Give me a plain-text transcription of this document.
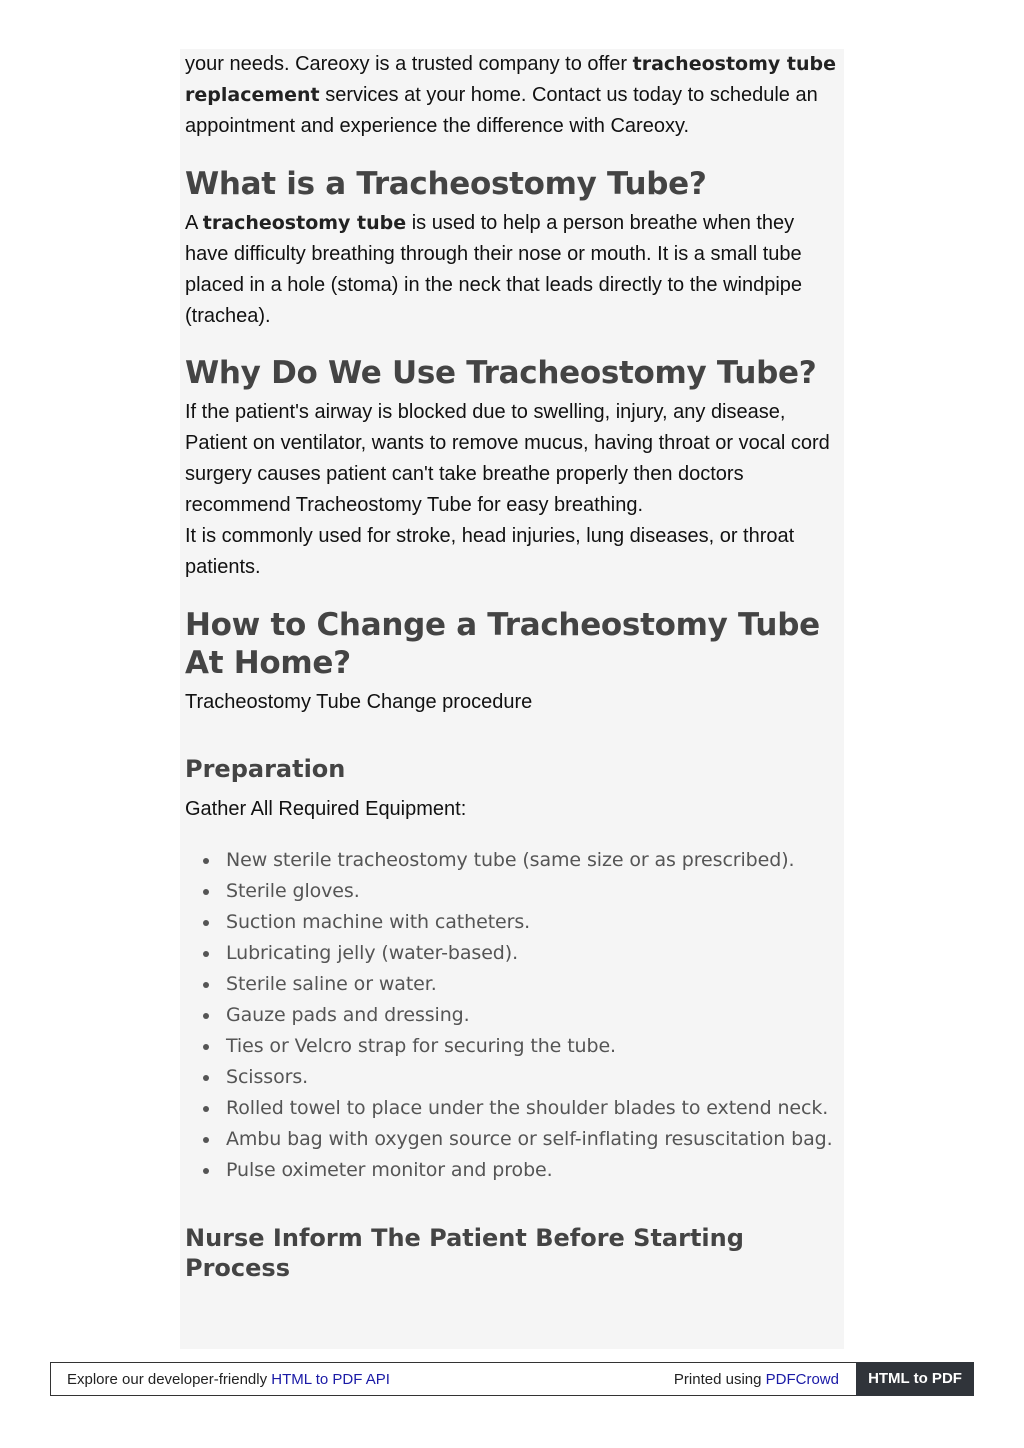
your needs. Careoxy is a trusted company to offer tracheostomy tube replacement services at your home. Contact us today to schedule an appointment and experience the difference with Careoxy.

What is a Tracheostomy Tube?

A tracheostomy tube is used to help a person breathe when they have difficulty breathing through their nose or mouth. It is a small tube placed in a hole (stoma) in the neck that leads directly to the windpipe (trachea).

Why Do We Use Tracheostomy Tube?

If the patient's airway is blocked due to swelling, injury, any disease, Patient on ventilator, wants to remove mucus, having throat or vocal cord surgery causes patient can't take breathe properly then doctors recommend Tracheostomy Tube for easy breathing.

It is commonly used for stroke, head injuries, lung diseases, or throat patients.

How to Change a Tracheostomy Tube At Home?

Tracheostomy Tube Change procedure

Preparation

Gather All Required Equipment:

New sterile tracheostomy tube (same size or as prescribed).
Sterile gloves.
Suction machine with catheters.
Lubricating jelly (water-based).
Sterile saline or water.
Gauze pads and dressing.
Ties or Velcro strap for securing the tube.
Scissors.
Rolled towel to place under the shoulder blades to extend neck.
Ambu bag with oxygen source or self-inflating resuscitation bag.
Pulse oximeter monitor and probe.
Nurse Inform The Patient Before Starting Process
Explore our developer-friendly HTML to PDF API	Printed using PDFCrowd	HTML to PDF
